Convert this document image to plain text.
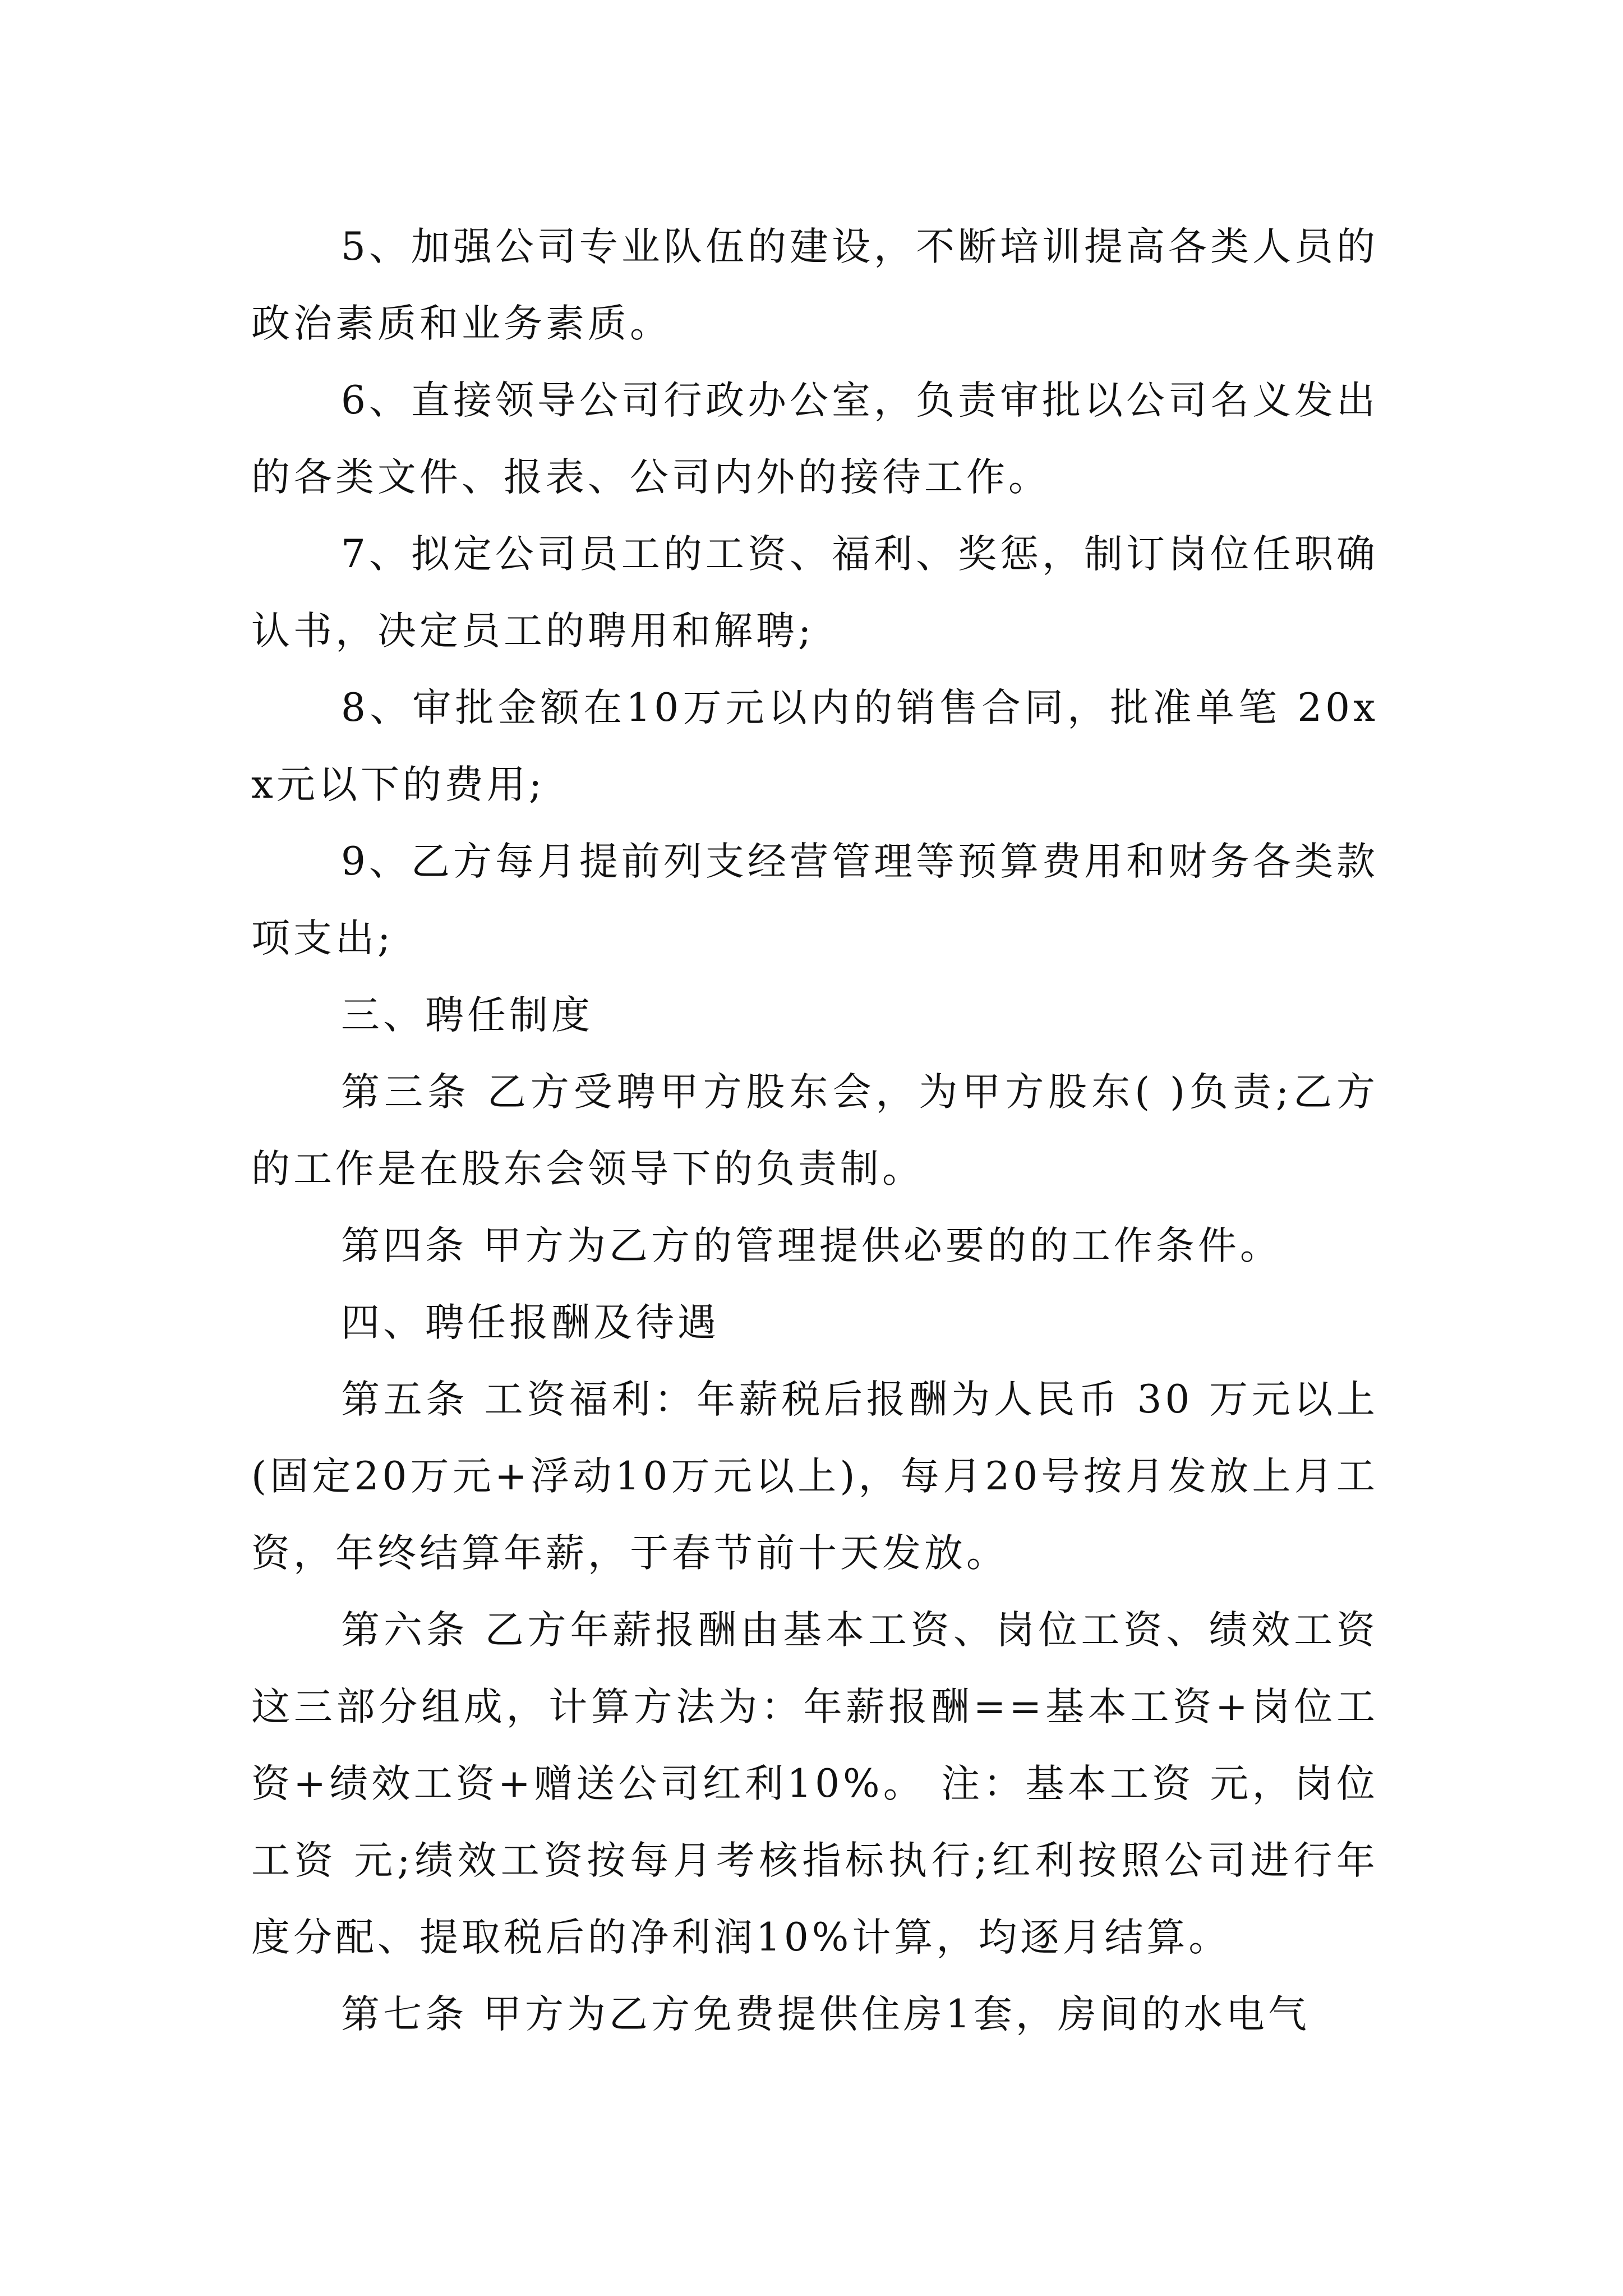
5、加强公司专业队伍的建设，不断培训提高各类人员的政治素质和业务素质。

6、直接领导公司行政办公室，负责审批以公司名义发出的各类文件、报表、公司内外的接待工作。

7、拟定公司员工的工资、福利、奖惩，制订岗位任职确认书，决定员工的聘用和解聘;

8、审批金额在10万元以内的销售合同，批准单笔 20xx元以下的费用;

9、乙方每月提前列支经营管理等预算费用和财务各类款项支出;

三、聘任制度

第三条 乙方受聘甲方股东会，为甲方股东( )负责;乙方的工作是在股东会领导下的负责制。

第四条 甲方为乙方的管理提供必要的的工作条件。

四、聘任报酬及待遇

第五条 工资福利：年薪税后报酬为人民币 30 万元以上(固定20万元+浮动10万元以上)，每月20号按月发放上月工资，年终结算年薪，于春节前十天发放。

第六条 乙方年薪报酬由基本工资、岗位工资、绩效工资这三部分组成，计算方法为：年薪报酬==基本工资+岗位工资+绩效工资+赠送公司红利10%。 注：基本工资 元，岗位工资 元;绩效工资按每月考核指标执行;红利按照公司进行年度分配、提取税后的净利润10%计算，均逐月结算。

第七条 甲方为乙方免费提供住房1套，房间的水电气
